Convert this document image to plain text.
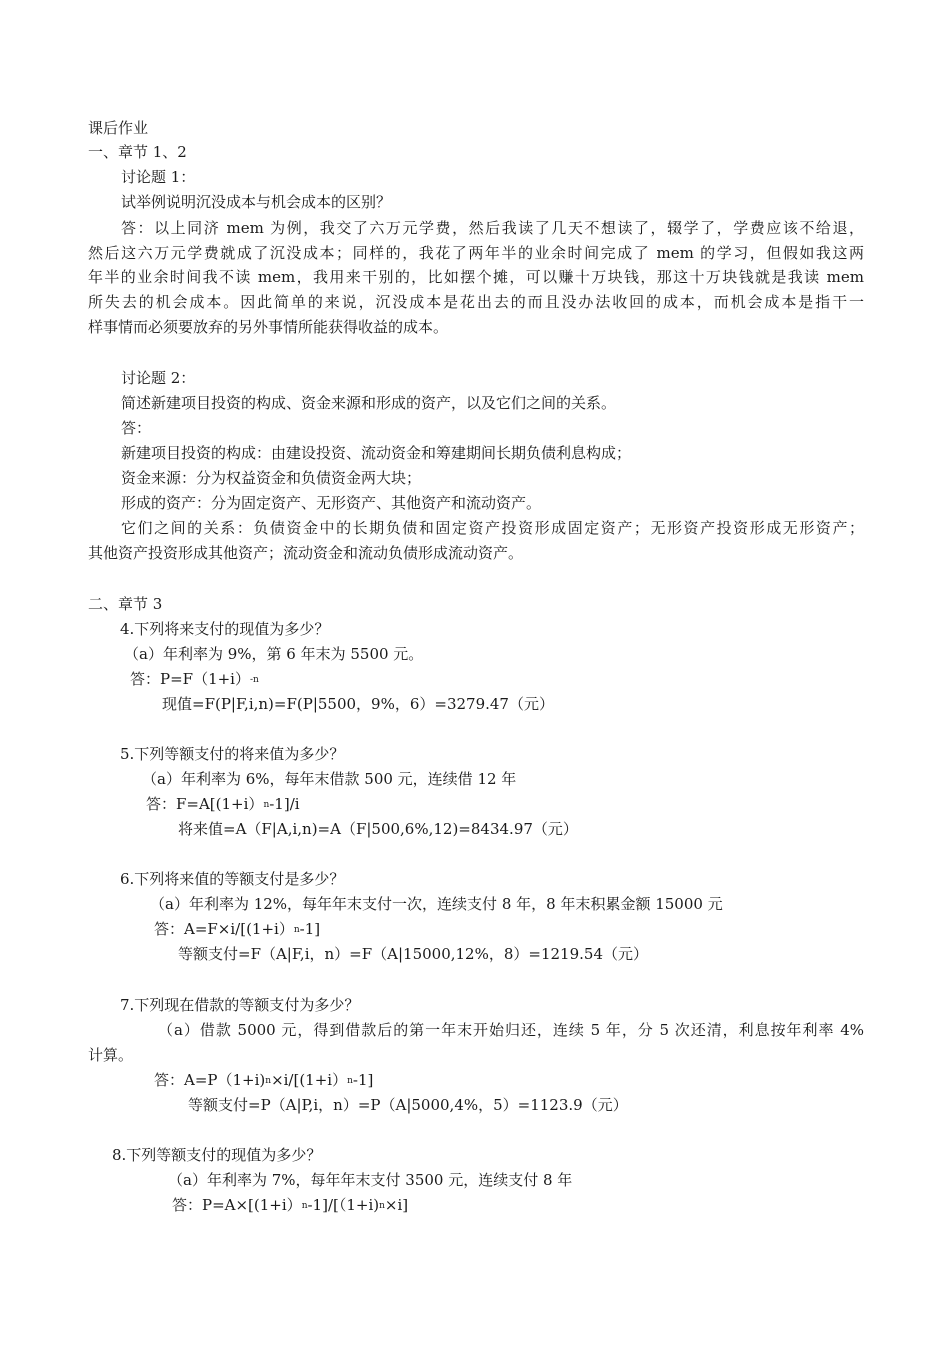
课后作业
一、章节 1、2
讨论题 1：
试举例说明沉没成本与机会成本的区别？
答：以上同济 mem 为例，我交了六万元学费，然后我读了几天不想读了，辍学了，学费应该不给退，
然后这六万元学费就成了沉没成本；同样的，我花了两年半的业余时间完成了 mem 的学习，但假如我这两
年半的业余时间我不读 mem，我用来干别的，比如摆个摊，可以赚十万块钱，那这十万块钱就是我读 mem
所失去的机会成本。因此简单的来说，沉没成本是花出去的而且没办法收回的成本，而机会成本是指干一
样事情而必须要放弃的另外事情所能获得收益的成本。
讨论题 2：
简述新建项目投资的构成、资金来源和形成的资产，以及它们之间的关系。
答：
新建项目投资的构成：由建设投资、流动资金和筹建期间长期负债利息构成；
资金来源：分为权益资金和负债资金两大块；
形成的资产：分为固定资产、无形资产、其他资产和流动资产。
它们之间的关系：负债资金中的长期负债和固定资产投资形成固定资产；无形资产投资形成无形资产；
其他资产投资形成其他资产；流动资金和流动负债形成流动资产。
二、章节 3
4.下列将来支付的现值为多少？
（a）年利率为 9%，第 6 年末为 5500 元。
答：$P=F(1+i)^{-n}$
现值=F(P|F,i,n)=F(P|5500，9%，6）=3279.47（元）
5.下列等额支付的将来值为多少？
（a）年利率为 6%，每年末借款 500 元，连续借 12 年
答：F=A[(1+i）$^n$-1]/i
将来值=A（F|A,i,n)=A（F|500,6%,12)=8434.97（元）
6.下列将来值的等额支付是多少？
（a）年利率为 12%，每年年末支付一次，连续支付 8 年，8 年末积累金额 15000 元
答：A=F×i/[(1+i）$^n$-1]
等额支付=F（A|F,i，n）=F（A|15000,12%，8）=1219.54（元）
7.下列现在借款的等额支付为多少？
（a）借款 5000 元，得到借款后的第一年末开始归还，连续 5 年，分 5 次还清，利息按年利率 4%
计算。
答：$A=P(1+i)^n\times i/[(1+i)^n-1]$
等额支付=P（A|P,i，n）=P（A|5000,4%，5）=1123.9（元）
8.下列等额支付的现值为多少？
（a）年利率为 7%，每年年末支付 3500 元，连续支付 8 年
答：$P=A\times[(1+i)^n-1]/[(1+i)^n\times i]$
